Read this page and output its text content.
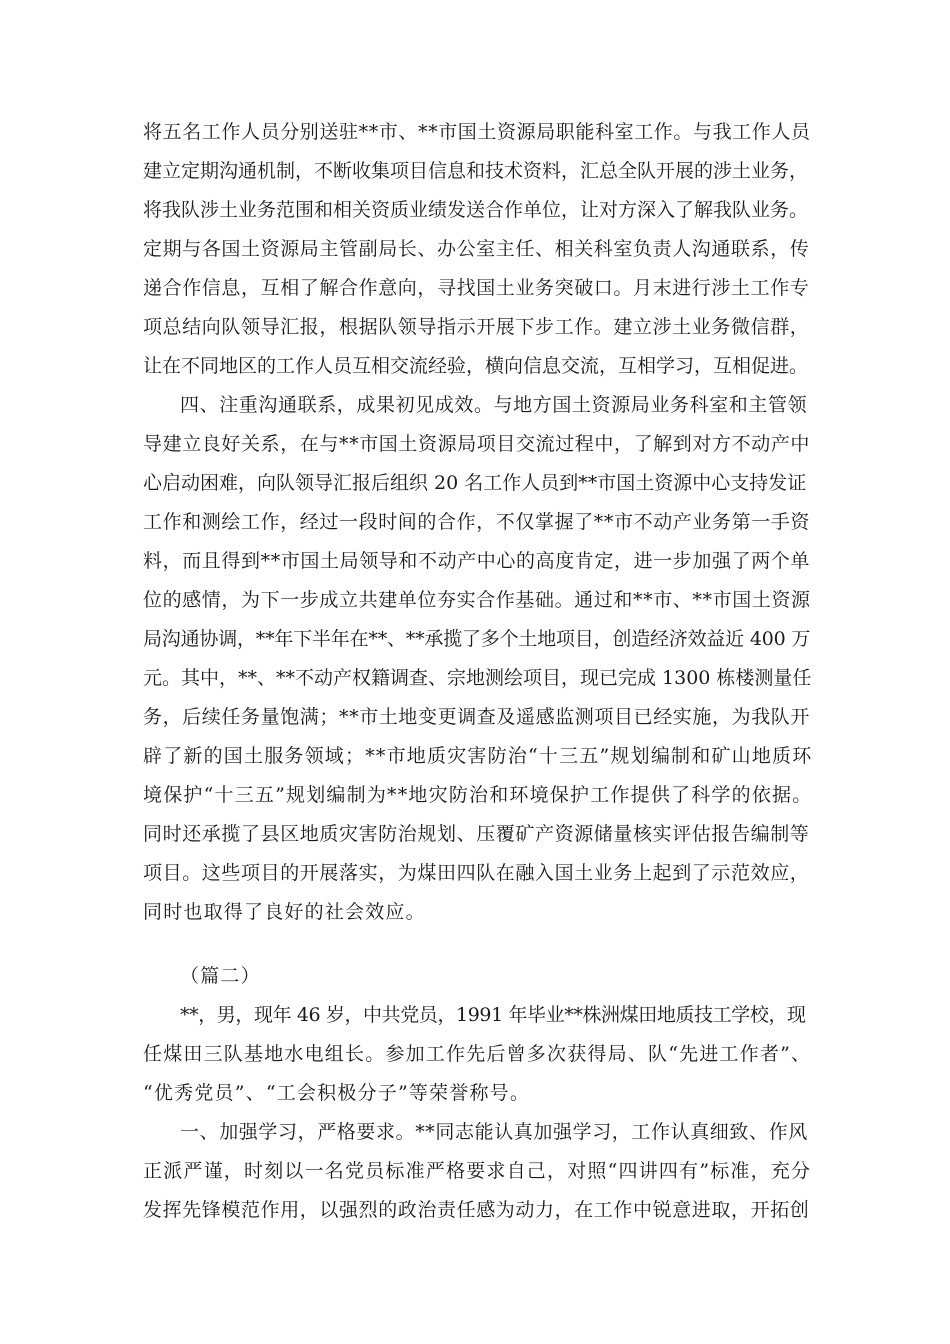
将五名工作人员分别送驻**市、**市国土资源局职能科室工作。与我工作人员
建立定期沟通机制，不断收集项目信息和技术资料，汇总全队开展的涉土业务，
将我队涉土业务范围和相关资质业绩发送合作单位，让对方深入了解我队业务。
定期与各国土资源局主管副局长、办公室主任、相关科室负责人沟通联系，传
递合作信息，互相了解合作意向，寻找国土业务突破口。月末进行涉土工作专
项总结向队领导汇报，根据队领导指示开展下步工作。建立涉土业务微信群，
让在不同地区的工作人员互相交流经验，横向信息交流，互相学习，互相促进。
四、注重沟通联系，成果初见成效。与地方国土资源局业务科室和主管领
导建立良好关系，在与**市国土资源局项目交流过程中，了解到对方不动产中
心启动困难，向队领导汇报后组织 20 名工作人员到**市国土资源中心支持发证
工作和测绘工作，经过一段时间的合作，不仅掌握了**市不动产业务第一手资
料，而且得到**市国土局领导和不动产中心的高度肯定，进一步加强了两个单
位的感情，为下一步成立共建单位夯实合作基础。通过和**市、**市国土资源
局沟通协调，**年下半年在**、**承揽了多个土地项目，创造经济效益近 400 万
元。其中，**、**不动产权籍调查、宗地测绘项目，现已完成 1300 栋楼测量任
务，后续任务量饱满；**市土地变更调查及遥感监测项目已经实施，为我队开
辟了新的国土服务领域；**市地质灾害防治“十三五”规划编制和矿山地质环
境保护“十三五”规划编制为**地灾防治和环境保护工作提供了科学的依据。
同时还承揽了县区地质灾害防治规划、压覆矿产资源储量核实评估报告编制等
项目。这些项目的开展落实，为煤田四队在融入国土业务上起到了示范效应，
同时也取得了良好的社会效应。
（篇二）
**，男，现年 46 岁，中共党员，1991 年毕业**株洲煤田地质技工学校，现
任煤田三队基地水电组长。参加工作先后曾多次获得局、队“先进工作者”、
“优秀党员”、“工会积极分子”等荣誉称号。
一、加强学习，严格要求。**同志能认真加强学习，工作认真细致、作风
正派严谨，时刻以一名党员标准严格要求自己，对照“四讲四有”标准，充分
发挥先锋模范作用，以强烈的政治责任感为动力，在工作中锐意进取，开拓创
